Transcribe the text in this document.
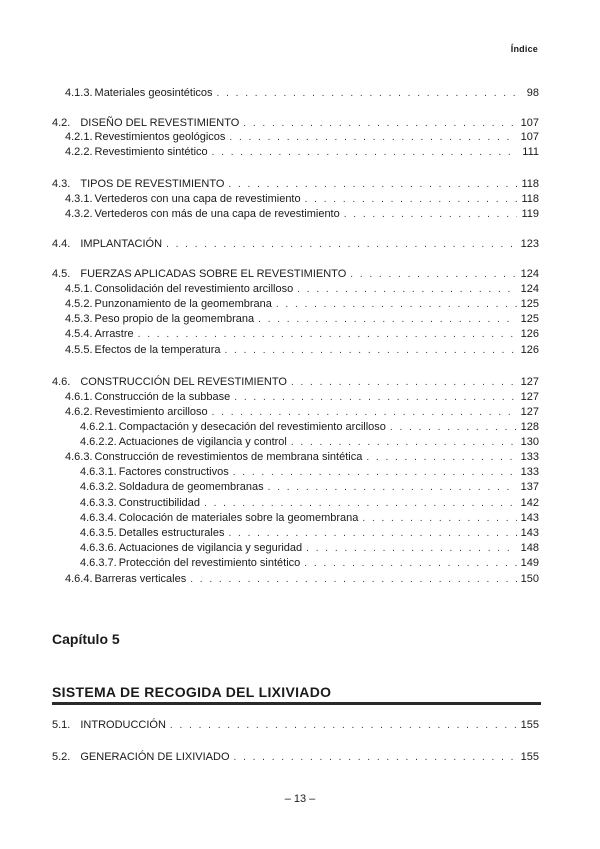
Índice
4.1.3. Materiales geosintéticos . . .	98
4.2. DISEÑO DEL REVESTIMIENTO . . .	107
4.2.1. Revestimientos geológicos . . .	107
4.2.2. Revestimiento sintético . . .	111
4.3. TIPOS DE REVESTIMIENTO . . .	118
4.3.1. Vertederos con una capa de revestimiento . . .	118
4.3.2. Vertederos con más de una capa de revestimiento . . .	119
4.4. IMPLANTACIÓN . . .	123
4.5. FUERZAS APLICADAS SOBRE EL REVESTIMIENTO . . .	124
4.5.1. Consolidación del revestimiento arcilloso . . .	124
4.5.2. Punzonamiento de la geomembrana . . .	125
4.5.3. Peso propio de la geomembrana . . .	125
4.5.4. Arrastre . . .	126
4.5.5. Efectos de la temperatura . . .	126
4.6. CONSTRUCCIÓN DEL REVESTIMIENTO . . .	127
4.6.1. Construcción de la subbase . . .	127
4.6.2. Revestimiento arcilloso . . .	127
4.6.2.1. Compactación y desecación del revestimiento arcilloso . . .	128
4.6.2.2. Actuaciones de vigilancia y control . . .	130
4.6.3. Construcción de revestimientos de membrana sintética . . .	133
4.6.3.1. Factores constructivos . . .	133
4.6.3.2. Soldadura de geomembranas . . .	137
4.6.3.3. Constructibilidad . . .	142
4.6.3.4. Colocación de materiales sobre la geomembrana . . .	143
4.6.3.5. Detalles estructurales . . .	143
4.6.3.6. Actuaciones de vigilancia y seguridad . . .	148
4.6.3.7. Protección del revestimiento sintético . . .	149
4.6.4. Barreras verticales . . .	150
Capítulo 5
SISTEMA DE RECOGIDA DEL LIXIVIADO
5.1. INTRODUCCIÓN . . .	155
5.2. GENERACIÓN DE LIXIVIADO . . .	155
– 13 –
